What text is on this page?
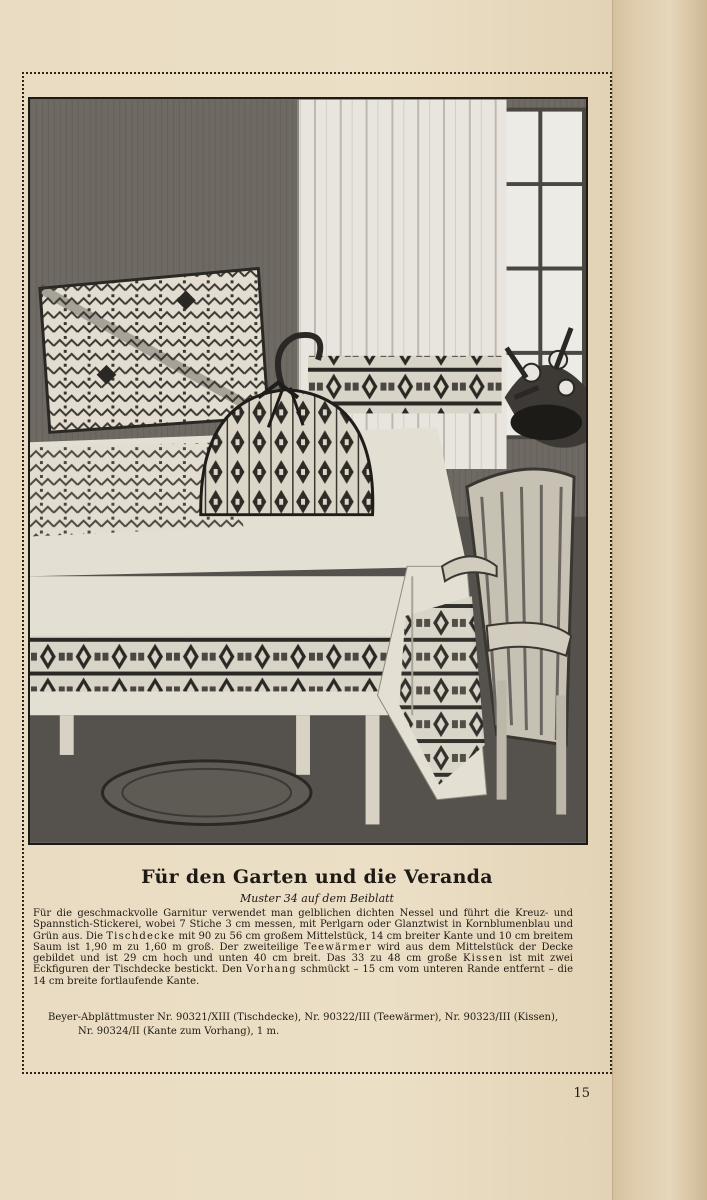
Für den Garten und die Veranda
Muster 34 auf dem Beiblatt
Für die geschmackvolle Garnitur verwendet man gelblichen dichten Nessel und führt die Kreuz- und Spannstich-Stickerei, wobei 7 Stiche 3 cm messen, mit Perlgarn oder Glanztwist in Kornblumenblau und Grün aus. Die Tischdecke mit 90 zu 56 cm großem Mittelstück, 14 cm breiter Kante und 10 cm breitem Saum ist 1,90 m zu 1,60 m groß. Der zweiteilige Teewärmer wird aus dem Mittelstück der Decke gebildet und ist 29 cm hoch und unten 40 cm breit. Das 33 zu 48 cm große Kissen ist mit zwei Eckfiguren der Tischdecke bestickt. Den Vorhang schmückt – 15 cm vom unteren Rande entfernt – die 14 cm breite fortlaufende Kante.
Beyer-Abplättmuster Nr. 90321/XIII (Tischdecke), Nr. 90322/III (Teewärmer), Nr. 90323/III (Kissen), Nr. 90324/II (Kante zum Vorhang), 1 m.
15
